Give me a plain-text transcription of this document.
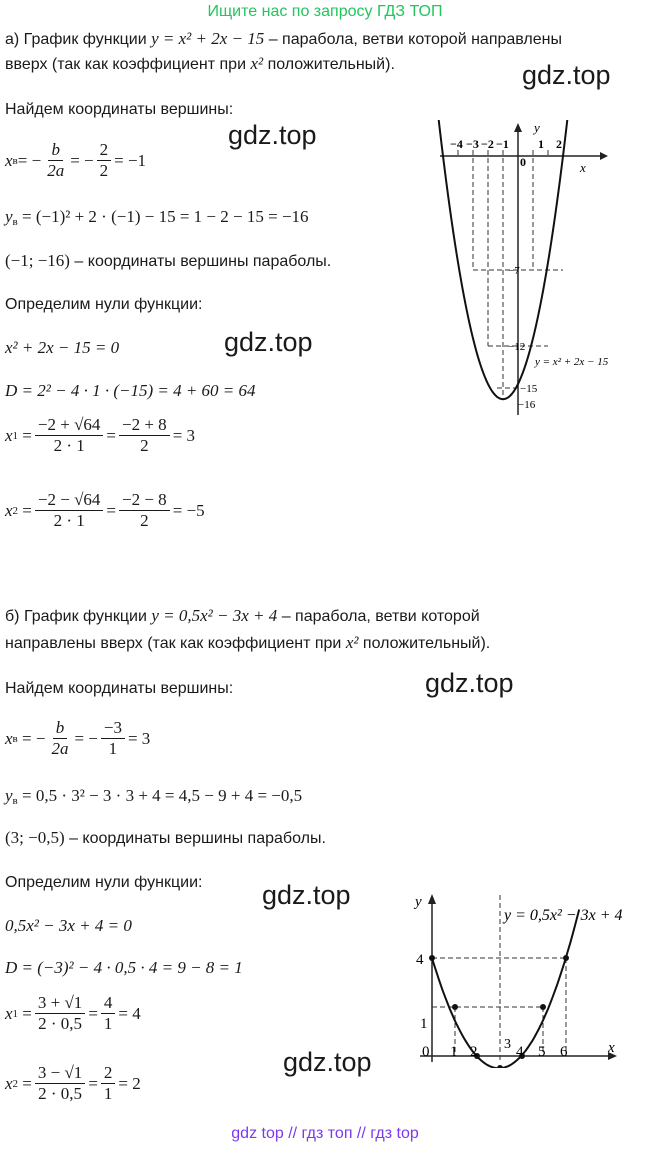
Ищите нас по запросу ГДЗ ТОП
gdz top // гдз топ // гдз top
gdz.top
gdz.top
gdz.top
gdz.top
gdz.top
gdz.top
а) График функции y = x² + 2x − 15 – парабола, ветви которой направлены
вверх (так как коэффициент при x² положительный).
Найдем координаты вершины:
x в = − $\frac{b}{2a}$ = − $\frac{2}{2} = -1$
$y_в = (-1)^2 + 2 \cdot (-1) - 15 = 1 - 2 - 15 = -16$
(−1; −16) – координаты вершины параболы.
Определим нули функции:
x² + 2x − 15 = 0
D = 2² − 4 · 1 · (−15) = 4 + 60 = 64
x $1 = \frac{-2 + √64}{2 \cdot 1} = \frac{-2 + 8}{2} = 3$
x $2 = \frac{-2 - √64}{2 \cdot 1} = \frac{-2 - 8}{2} = -5$
x
y
−4 −3 −2 −1
0
1 2
−7
−12
−15
−16
y = x² + 2x − 15
б) График функции y = 0,5x² − 3x + 4 – парабола, ветви которой
направлены вверх (так как коэффициент при x² положительный).
Найдем координаты вершины:
x в = − $\frac{b}{2a}$ = − $\frac{-3}{1} = 3$
$y_в = 0,5 \cdot 3^2 - 3 \cdot 3 + 4 = 4,5 - 9 + 4 = -0,5$
(3; −0,5) – координаты вершины параболы.
Определим нули функции:
0,5x² − 3x + 4 = 0
D = (−3)² − 4 · 0,5 · 4 = 9 − 8 = 1
x $1 = \frac{3 + √1}{2 \cdot 0,5} = \frac{4}{1} = 4$
x $2 = \frac{3 - √1}{2 \cdot 0,5} = \frac{2}{1} = 2$
x
y
0 1 2	4 5 6
3
1
4
y = 0,5x² − 3x + 4
